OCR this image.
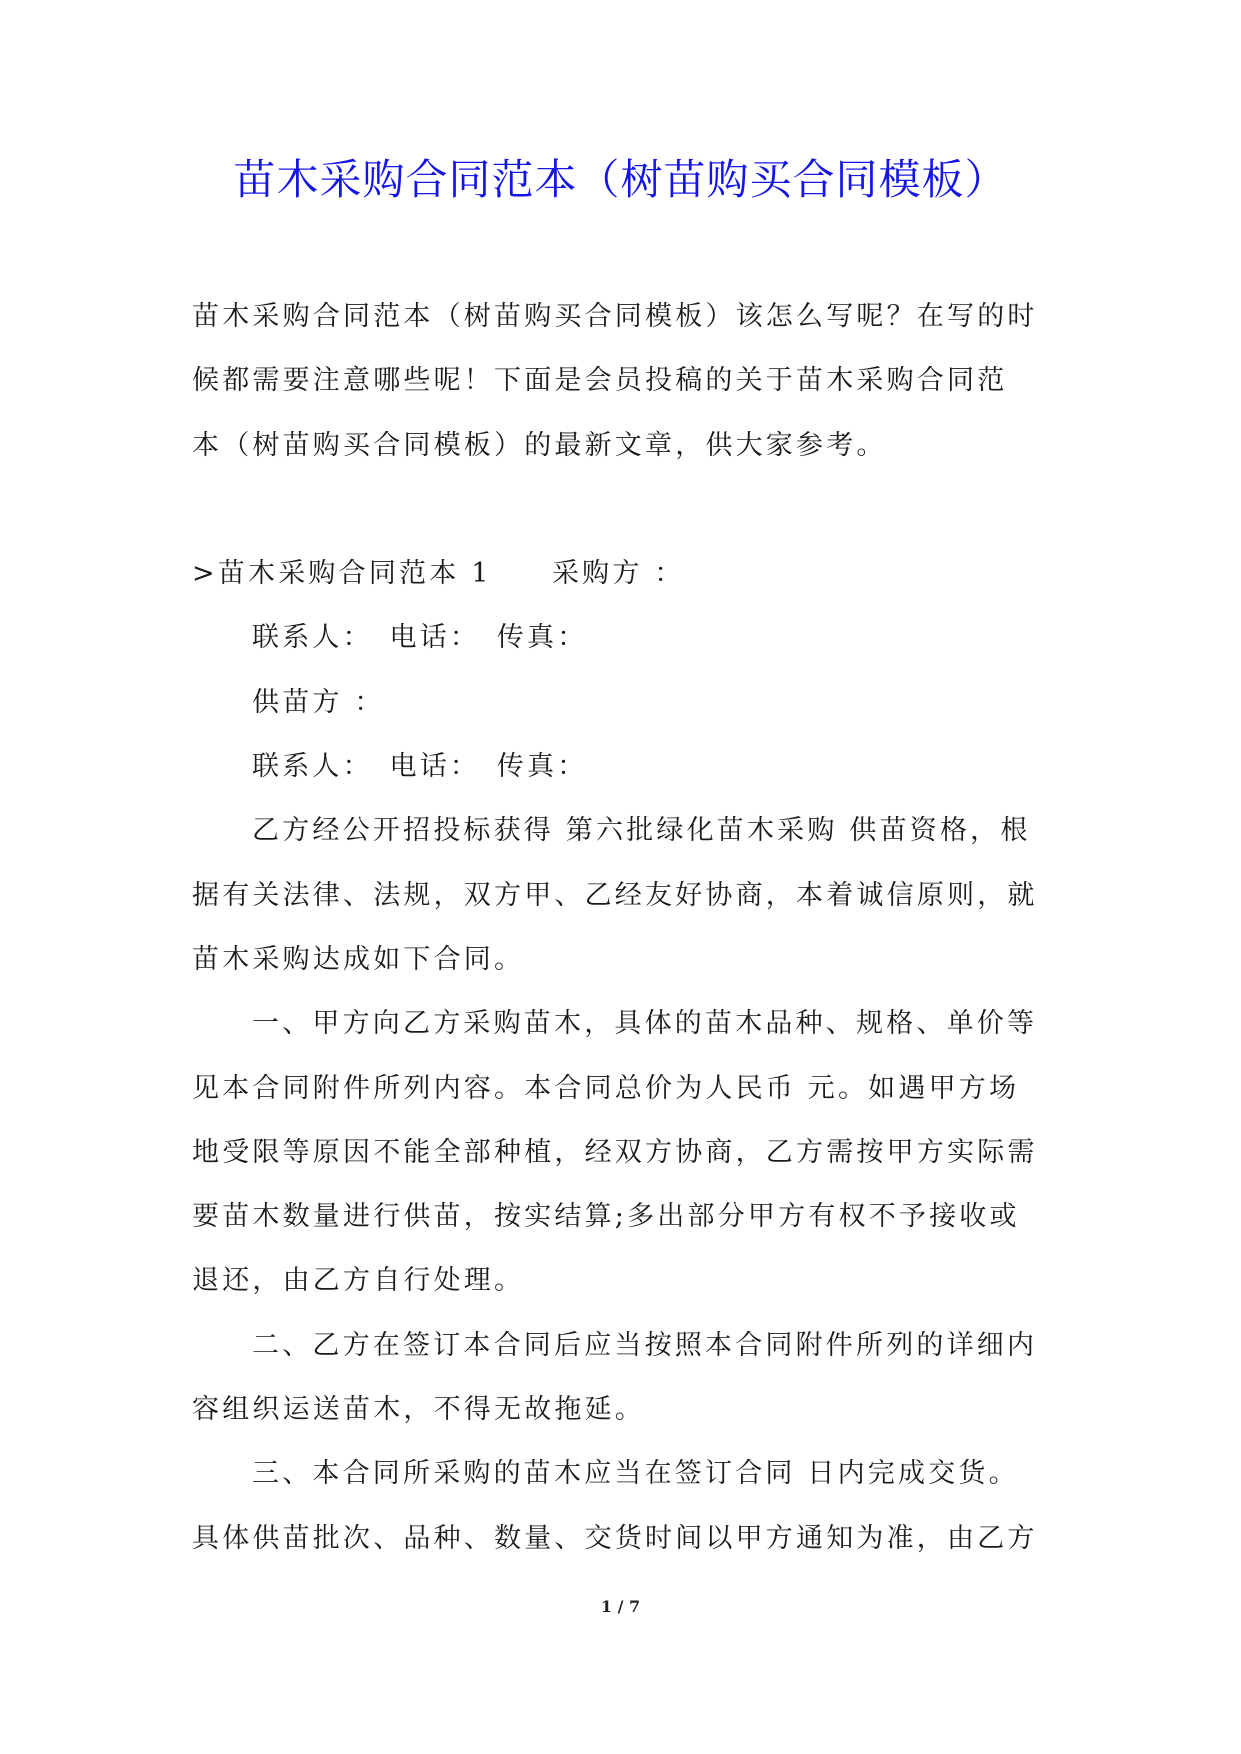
苗木采购合同范本（树苗购买合同模板）
苗木采购合同范本（树苗购买合同模板）该怎么写呢？在写的时
候都需要注意哪些呢！下面是会员投稿的关于苗木采购合同范
本（树苗购买合同模板）的最新文章，供大家参考。
>苗木采购合同范本 1　　采购方 ：
联系人：　电话：　传真：
供苗方 ：
联系人：　电话：　传真：
乙方经公开招投标获得 第六批绿化苗木采购 供苗资格，根
据有关法律、法规，双方甲、乙经友好协商，本着诚信原则，就
苗木采购达成如下合同。
一、甲方向乙方采购苗木，具体的苗木品种、规格、单价等
见本合同附件所列内容。本合同总价为人民币 元。如遇甲方场
地受限等原因不能全部种植，经双方协商，乙方需按甲方实际需
要苗木数量进行供苗，按实结算;多出部分甲方有权不予接收或
退还，由乙方自行处理。
二、乙方在签订本合同后应当按照本合同附件所列的详细内
容组织运送苗木，不得无故拖延。
三、本合同所采购的苗木应当在签订合同 日内完成交货。
具体供苗批次、品种、数量、交货时间以甲方通知为准，由乙方
1 / 7
